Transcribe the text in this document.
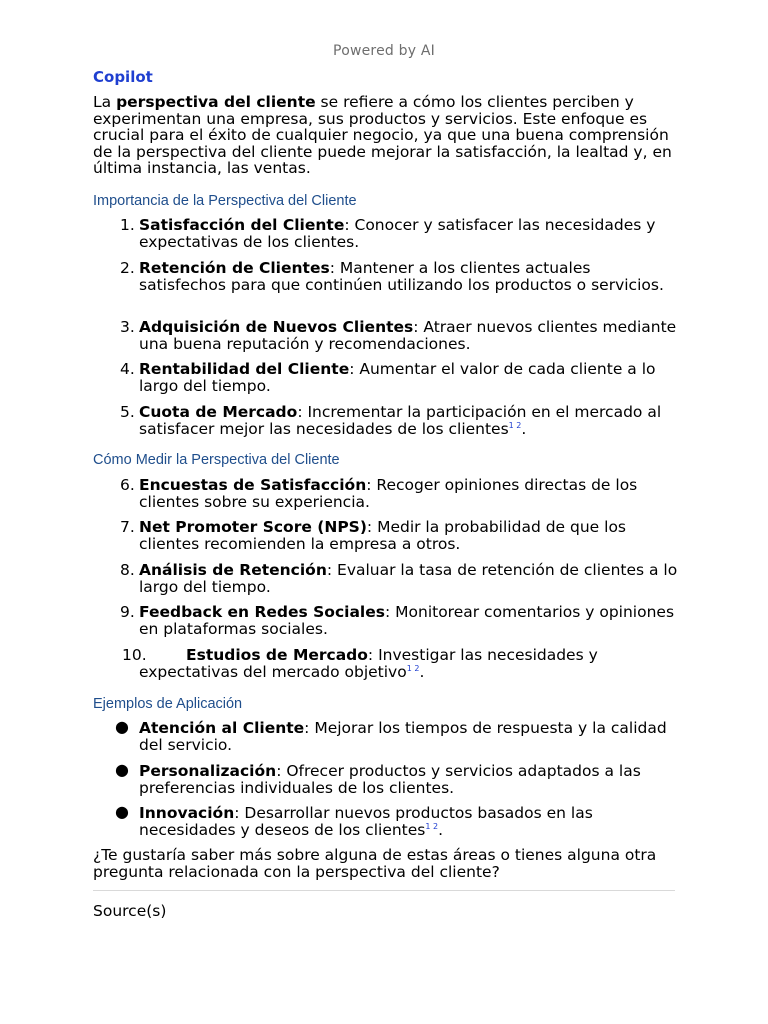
Powered by AI
Copilot
La perspectiva del cliente se refiere a cómo los clientes perciben y experimentan una empresa, sus productos y servicios. Este enfoque es crucial para el éxito de cualquier negocio, ya que una buena comprensión de la perspectiva del cliente puede mejorar la satisfacción, la lealtad y, en última instancia, las ventas.
Importancia de la Perspectiva del Cliente
1. Satisfacción del Cliente: Conocer y satisfacer las necesidades y expectativas de los clientes.
2. Retención de Clientes: Mantener a los clientes actuales satisfechos para que continúen utilizando los productos o servicios.
3. Adquisición de Nuevos Clientes: Atraer nuevos clientes mediante una buena reputación y recomendaciones.
4. Rentabilidad del Cliente: Aumentar el valor de cada cliente a lo largo del tiempo.
5. Cuota de Mercado: Incrementar la participación en el mercado al satisfacer mejor las necesidades de los clientes$^{1 2}$.
Cómo Medir la Perspectiva del Cliente
6. Encuestas de Satisfacción: Recoger opiniones directas de los clientes sobre su experiencia.
7. Net Promoter Score (NPS): Medir la probabilidad de que los clientes recomienden la empresa a otros.
8. Análisis de Retención: Evaluar la tasa de retención de clientes a lo largo del tiempo.
9. Feedback en Redes Sociales: Monitorear comentarios y opiniones en plataformas sociales.
10.	Estudios de Mercado: Investigar las necesidades y expectativas del mercado objetivo$^{1 2}$.
Ejemplos de Aplicación
● Atención al Cliente: Mejorar los tiempos de respuesta y la calidad del servicio.
● Personalización: Ofrecer productos y servicios adaptados a las preferencias individuales de los clientes.
● Innovación: Desarrollar nuevos productos basados en las necesidades y deseos de los clientes$^{1 2}$.
¿Te gustaría saber más sobre alguna de estas áreas o tienes alguna otra pregunta relacionada con la perspectiva del cliente?
Source(s)
